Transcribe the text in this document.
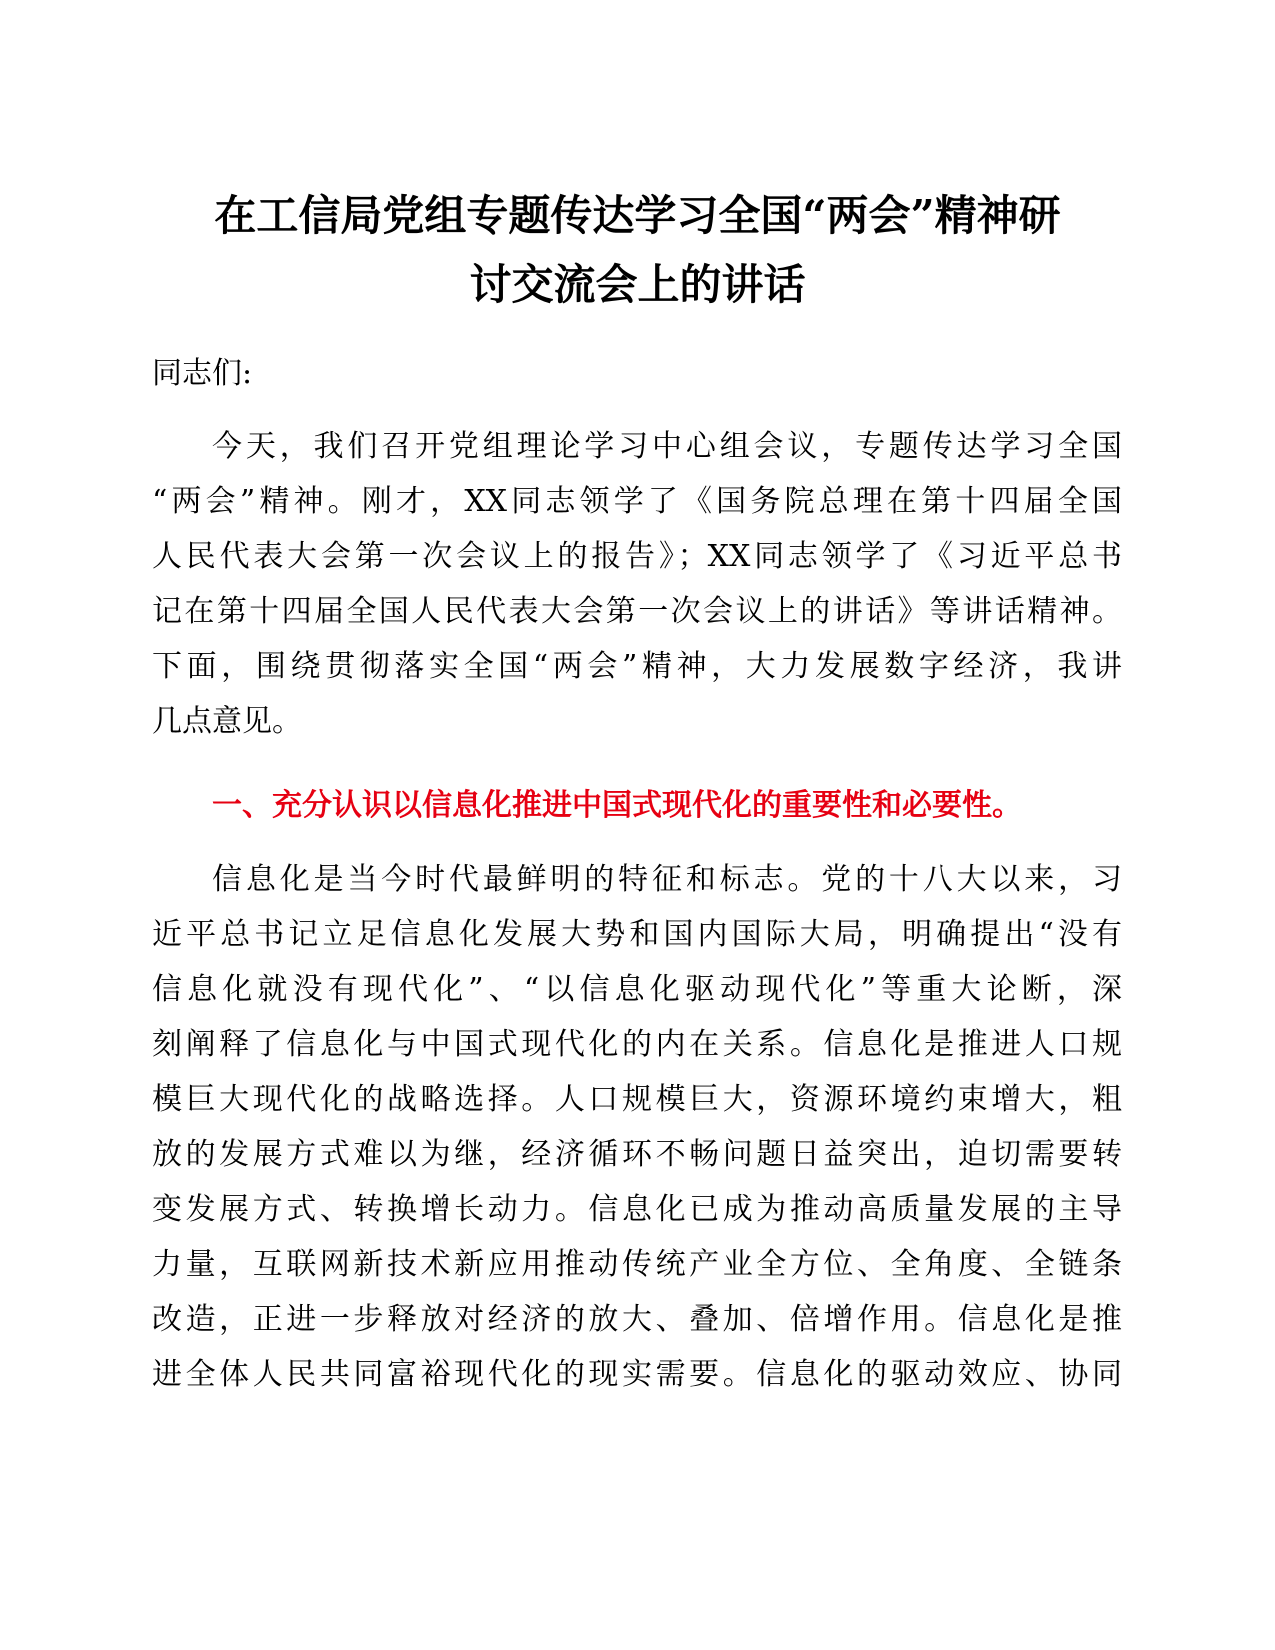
在工信局党组专题传达学习全国“两会”精神研
讨交流会上的讲话
同志们:
今天，我们召开党组理论学习中心组会议，专题传达学习全国
“两会”精神。刚才，XX同志领学了《国务院总理在第十四届全国
人民代表大会第一次会议上的报告》；XX同志领学了《习近平总书
记在第十四届全国人民代表大会第一次会议上的讲话》等讲话精神。
下面，围绕贯彻落实全国“两会”精神，大力发展数字经济，我讲
几点意见。
一、充分认识以信息化推进中国式现代化的重要性和必要性。
信息化是当今时代最鲜明的特征和标志。党的十八大以来，习
近平总书记立足信息化发展大势和国内国际大局，明确提出“没有
信息化就没有现代化”、“以信息化驱动现代化”等重大论断，深
刻阐释了信息化与中国式现代化的内在关系。信息化是推进人口规
模巨大现代化的战略选择。人口规模巨大，资源环境约束增大，粗
放的发展方式难以为继，经济循环不畅问题日益突出，迫切需要转
变发展方式、转换增长动力。信息化已成为推动高质量发展的主导
力量，互联网新技术新应用推动传统产业全方位、全角度、全链条
改造，正进一步释放对经济的放大、叠加、倍增作用。信息化是推
进全体人民共同富裕现代化的现实需要。信息化的驱动效应、协同
